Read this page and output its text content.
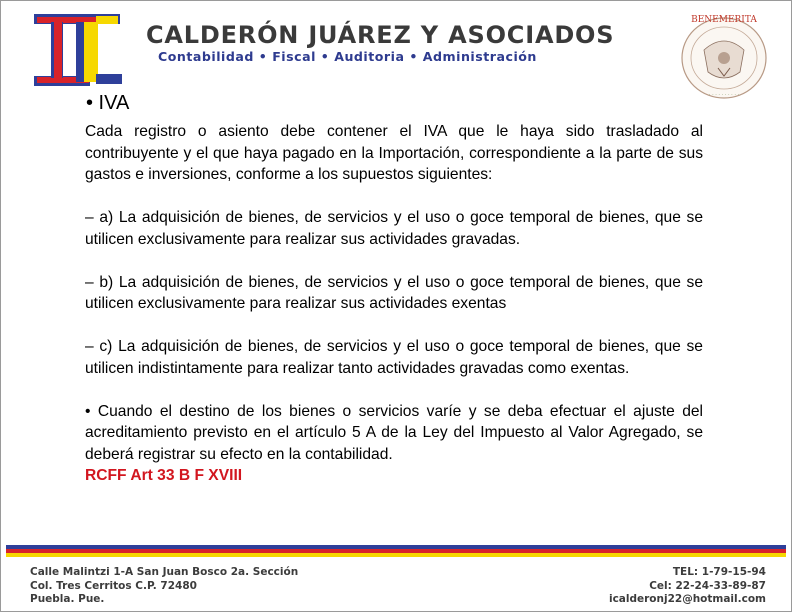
CALDERÓN JUÁREZ Y ASOCIADOS
Contabilidad • Fiscal • Auditoria • Administración
BENEMERITA
· · · · · · · · · ·
• IVA

Cada registro o asiento debe contener el IVA que le haya sido trasladado al contribuyente y el que haya pagado en la Importación, correspondiente a la parte de sus gastos e inversiones, conforme a los supuestos siguientes:

– a) La adquisición de bienes, de servicios y el uso o goce temporal de bienes, que se utilicen exclusivamente para realizar sus actividades gravadas.

– b) La adquisición de bienes, de servicios y el uso o goce temporal de bienes, que se utilicen exclusivamente para realizar sus actividades exentas

– c) La adquisición de bienes, de servicios y el uso o goce temporal de bienes, que se utilicen indistintamente para realizar tanto actividades gravadas como exentas.

• Cuando el destino de los bienes o servicios varíe y se deba efectuar el ajuste del acreditamiento previsto en el artículo 5 A de la Ley del Impuesto al Valor Agregado, se deberá registrar su efecto en la contabilidad.

RCFF Art 33 B F XVIII

Calle Malintzi 1-A San Juan Bosco 2a. Sección
Col. Tres Cerritos C.P. 72480
Puebla. Pue.
TEL: 1-79-15-94
Cel: 22-24-33-89-87
icalderonj22@hotmail.com
